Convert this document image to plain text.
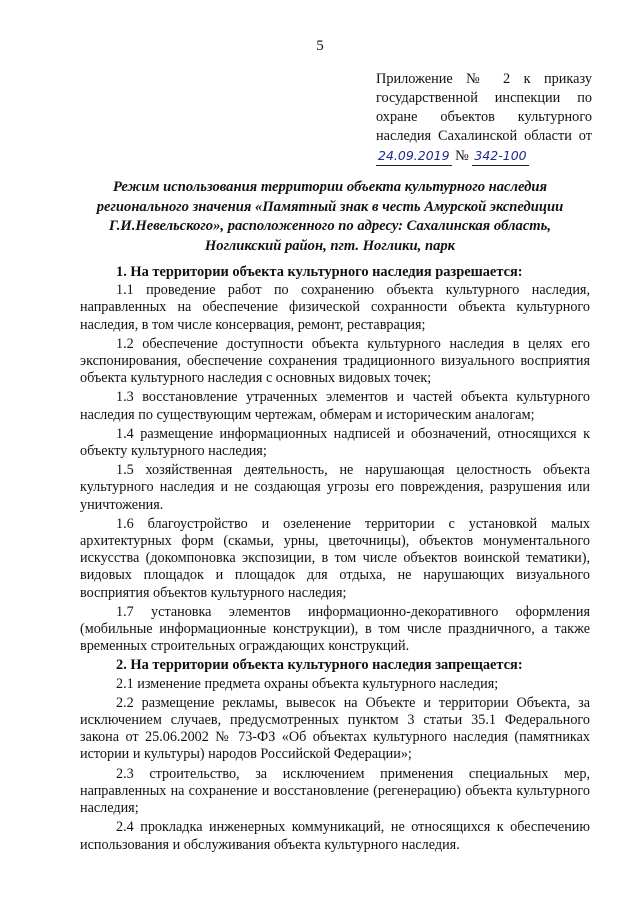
5
Приложение № 2 к приказу государственной инспекции по охране объектов культурного наследия Сахалинской области от 24.09.2019 № 342-100
Режим использования территории объекта культурного наследия регионального значения «Памятный знак в честь Амурской экспедиции Г.И.Невельского», расположенного по адресу: Сахалинская область, Ногликский район, пгт. Ноглики, парк
1. На территории объекта культурного наследия разрешается:

1.1 проведение работ по сохранению объекта культурного наследия, направленных на обеспечение физической сохранности объекта культурного наследия, в том числе консервация, ремонт, реставрация;

1.2 обеспечение доступности объекта культурного наследия в целях его экспонирования, обеспечение сохранения традиционного визуального восприятия объекта культурного наследия с основных видовых точек;

1.3 восстановление утраченных элементов и частей объекта культурного наследия по существующим чертежам, обмерам и историческим аналогам;

1.4 размещение информационных надписей и обозначений, относящихся к объекту культурного наследия;

1.5 хозяйственная деятельность, не нарушающая целостность объекта культурного наследия и не создающая угрозы его повреждения, разрушения или уничтожения.

1.6 благоустройство и озеленение территории с установкой малых архитектурных форм (скамьи, урны, цветочницы), объектов монументального искусства (докомпоновка экспозиции, в том числе объектов воинской тематики), видовых площадок и площадок для отдыха, не нарушающих визуального восприятия объектов культурного наследия;

1.7 установка элементов информационно-декоративного оформления (мобильные информационные конструкции), в том числе праздничного, а также временных строительных ограждающих конструкций.

2. На территории объекта культурного наследия запрещается:

2.1 изменение предмета охраны объекта культурного наследия;

2.2 размещение рекламы, вывесок на Объекте и территории Объекта, за исключением случаев, предусмотренных пунктом 3 статьи 35.1 Федерального закона от 25.06.2002 № 73-ФЗ «Об объектах культурного наследия (памятниках истории и культуры) народов Российской Федерации»;

2.3 строительство, за исключением применения специальных мер, направленных на сохранение и восстановление (регенерацию) объекта культурного наследия;

2.4 прокладка инженерных коммуникаций, не относящихся к обеспечению использования и обслуживания объекта культурного наследия.
